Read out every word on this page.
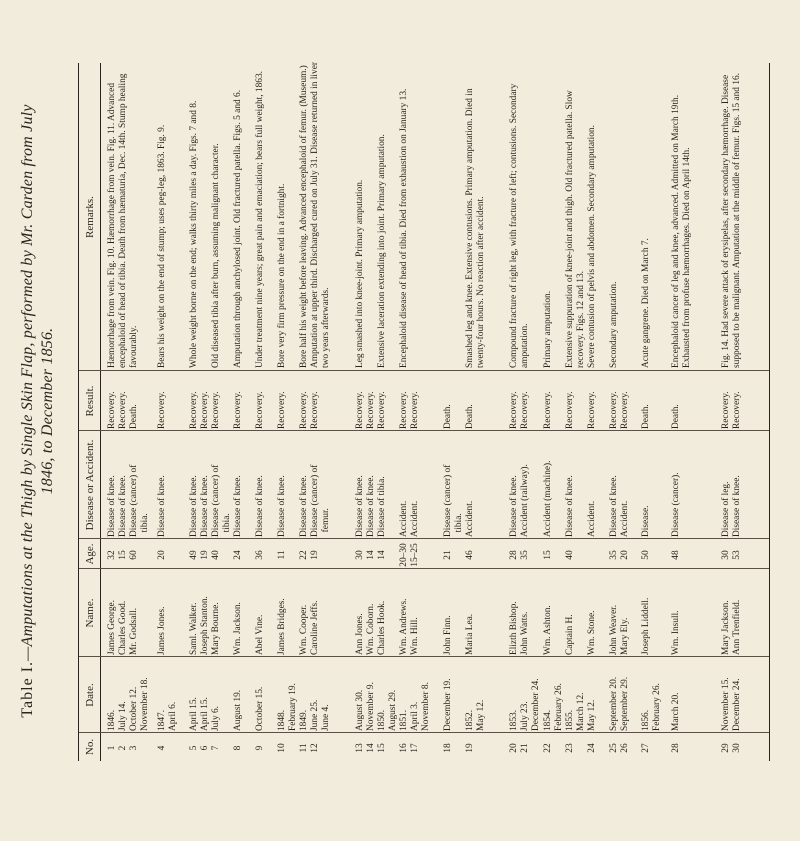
Table I.—Amputations at the Thigh by Single Skin Flap, performed by Mr. Carden from July 1846, to December 1856.
No.
Date.
Name.
Age.
Disease or Accident.
Result.
Remarks.
1
2
3
1846.
July 14.
October 12.
November 18.
James George.
Charles Good.
Mr. Godsall.
32
15
60
Disease of knee.
Disease of knee.
Disease (cancer) of
tibia.
Recovery.
Recovery.
Death.
Hæmorrhage from vein. Fig. 10. Hæmorrhage from vein. Fig. 11. Advanced encephaloid of head of tibia. Death from hæmaturia, Dec. 14th. Stump healing favourably.
4
1847.
April 6.
James Jones.
20
Disease of knee.
Recovery.
Bears his weight on the end of stump; uses peg-leg, 1863. Fig. 9.
5
6
April 15.
April 15.
Saml. Walker.
Joseph Stanton.
49
19
Disease of knee.
Disease of knee.
Recovery.
Recovery.
Whole weight borne on the end; walks thirty miles a day. Figs. 7 and 8.
7
July 6.
Mary Bourne.
40
Disease (cancer) of
tibia.
Recovery.
Old diseased tibia after burn, assuming malignant character.
8
August 19.
Wm. Jackson.
24
Disease of knee.
Recovery.
Amputation through anchylosed joint. Old fractured patella. Figs. 5 and 6.
9
October 15.
Abel Vine.
36
Disease of knee.
Recovery.
Under treatment nine years; great pain and emaciation; bears full weight, 1863.
10
1848.
February 19.
James Bridges.
11
Disease of knee.
Recovery.
Bore very firm pressure on the end in a fortnight.
11
12
1849.
June 25.
June 4.
Wm. Cooper.
Caroline Jeffs.
22
19
Disease of knee.
Disease (cancer) of
femur.
Recovery.
Recovery.
Bore half his weight before leaving. Advanced encephaloid of femur. (Museum.) Amputation at upper third. Discharged cured on July 31. Disease returned in liver two years afterwards.
13
14
August 30.
November 9.
Ann Jones.
Wm. Coborn.
30
14
Disease of knee.
Disease of knee.
Recovery.
Recovery.
Leg smashed into knee-joint. Primary amputation.
15
1850.
August 29.
Charles Hook.
14
Disease of tibia.
Recovery.
Extensive laceration extending into joint. Primary amputation.
16
17
1851.
April 3.
November 8.
Wm. Andrews.
Wm. Hill.
20–30
15–25
Accident.
Accident.
Recovery.
Recovery.
Encephaloid disease of head of tibia. Died from exhaustion on January 13.
18
December 19.
John Finn.
21
Disease (cancer) of
tibia.
Death.
19
1852.
May 12.
Maria Lea.
46
Accident.
Death.
Smashed leg and knee. Extensive contusions. Primary amputation. Died in twenty-four hours. No reaction after accident.
20
21
1853.
July 23.
December 24.
Elizth Bishop.
John Watts.
28
35
Disease of knee.
Accident (railway).
Recovery.
Recovery.
Compound fracture of right leg, with fracture of left; contusions. Secondary amputation.
22
1854.
February 26.
Wm. Ashton.
15
Accident (machine).
Recovery.
Primary amputation.
23
1855.
March 12.
Captain H.
40
Disease of knee.
Recovery.
Extensive suppuration of knee-joint and thigh. Old fractured patella. Slow recovery. Figs. 12 and 13.
24
May 12.
Wm. Stone.
Accident.
Recovery.
Severe contusion of pelvis and abdomen. Secondary amputation.
25
26
September 20.
September 29.
John Weaver.
Mary Ely.
35
20
Disease of knee.
Accident.
Recovery.
Recovery.
Secondary amputation.
27
1856.
February 26.
Joseph Liddell.
50
Disease.
Death.
Acute gangrene. Died on March 7.
28
March 20.
Wm. Insull.
48
Disease (cancer).
Death.
Encephaloid cancer of leg and knee, advanced. Admitted on March 19th. Exhausted from profuse hæmorrhages. Died on April 14th.
29
30
November 15.
December 24.
Mary Jackson.
Ann Trenfield.
30
53
Disease of leg.
Disease of knee.
Recovery.
Recovery.
Fig. 14. Had severe attack of erysipelas, after secondary hæmorrhage. Disease supposed to be malignant. Amputation at the middle of femur. Figs. 15 and 16.
